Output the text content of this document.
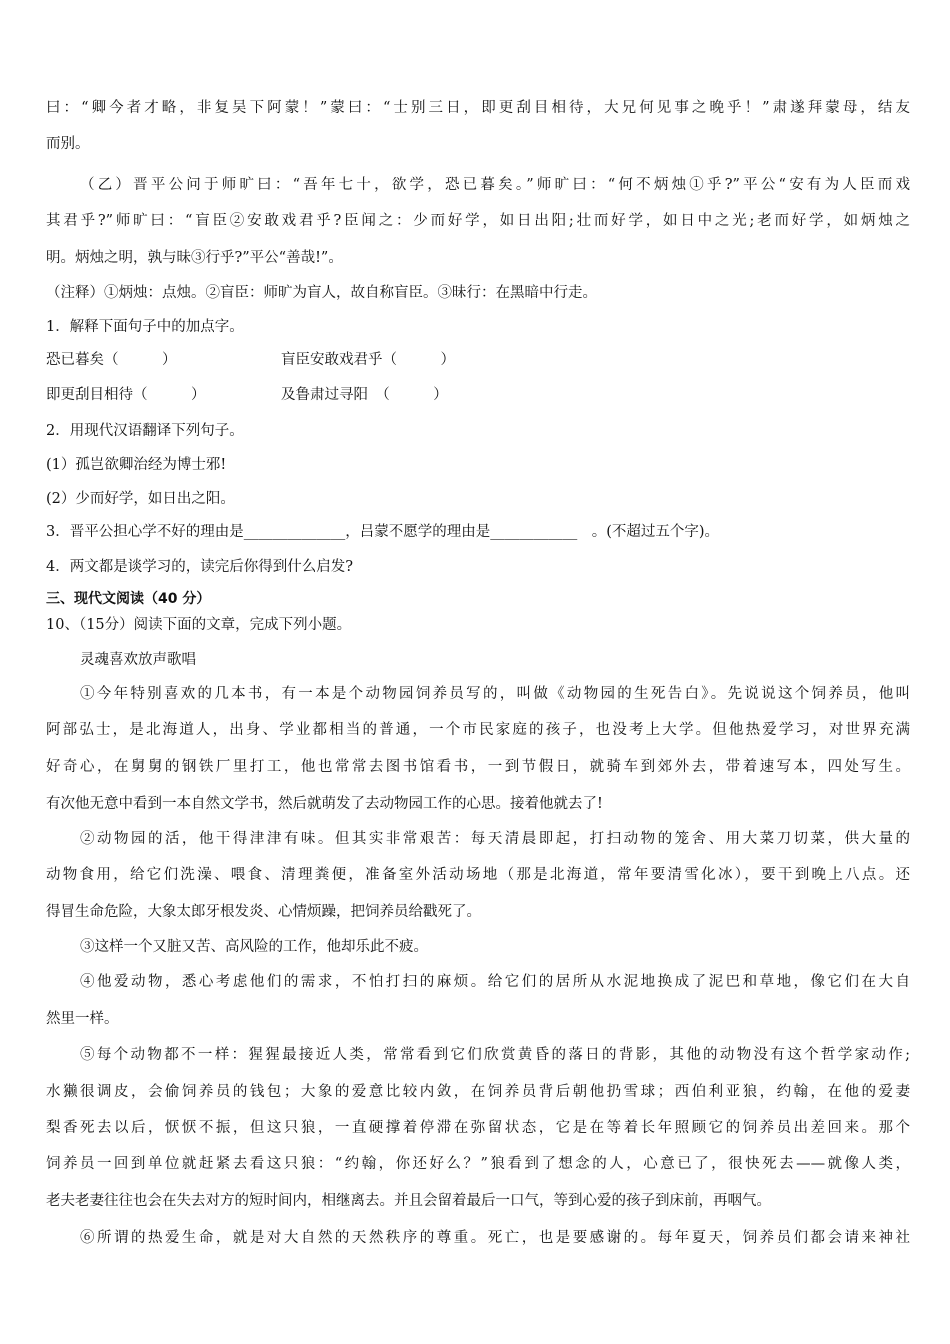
曰：“卿今者才略，非复吴下阿蒙！”蒙曰：“士别三日，即更刮目相待，大兄何见事之晚乎！”肃遂拜蒙母，结友
而别。
（乙）晋平公问于师旷曰：“吾年七十，欲学，恐已暮矣。”师旷曰：“何不炳烛①乎?”平公“安有为人臣而戏
其君乎?”师旷曰：“盲臣②安敢戏君乎?臣闻之：少而好学，如日出阳;壮而好学，如日中之光;老而好学，如炳烛之
明。炳烛之明，孰与昧③行乎?”平公“善哉!”。
（注释）①炳烛：点烛。②盲臣：师旷为盲人，故自称盲臣。③昧行：在黑暗中行走。
1．解释下面句子中的加点字。
恐已暮矣（　　　）	盲臣安敢戏君乎（　　　）
即更刮目相待（　　　）	及鲁肃过寻阳　（　　　）
2．用现代汉语翻译下列句子。
(1）孤岂欲卿治经为博士邪!
(2）少而好学，如日出之阳。
3．晋平公担心学不好的理由是______________，吕蒙不愿学的理由是____________　。(不超过五个字)。
4．两文都是谈学习的，读完后你得到什么启发?
三、现代文阅读（40 分）
10、（15分）阅读下面的文章，完成下列小题。
灵魂喜欢放声歌唱
①今年特别喜欢的几本书，有一本是个动物园饲养员写的，叫做《动物园的生死告白》。先说说这个饲养员，他叫
阿部弘士，是北海道人，出身、学业都相当的普通，一个市民家庭的孩子，也没考上大学。但他热爱学习，对世界充满
好奇心，在舅舅的钢铁厂里打工，他也常常去图书馆看书，一到节假日，就骑车到郊外去，带着速写本，四处写生。
有次他无意中看到一本自然文学书，然后就萌发了去动物园工作的心思。接着他就去了!
②动物园的活，他干得津津有味。但其实非常艰苦：每天清晨即起，打扫动物的笼舍、用大菜刀切菜，供大量的
动物食用，给它们洗澡、喂食、清理粪便，准备室外活动场地（那是北海道，常年要清雪化冰），要干到晚上八点。还
得冒生命危险，大象太郎牙根发炎、心情烦躁，把饲养员给戳死了。
③这样一个又脏又苦、高风险的工作，他却乐此不疲。
④他爱动物，悉心考虑他们的需求，不怕打扫的麻烦。给它们的居所从水泥地换成了泥巴和草地，像它们在大自
然里一样。
⑤每个动物都不一样：猩猩最接近人类，常常看到它们欣赏黄昏的落日的背影，其他的动物没有这个哲学家动作;
水獭很调皮，会偷饲养员的钱包；大象的爱意比较内敛，在饲养员背后朝他扔雪球；西伯利亚狼，约翰，在他的爱妻
梨香死去以后，恹恹不振，但这只狼，一直硬撑着停滞在弥留状态，它是在等着长年照顾它的饲养员出差回来。那个
饲养员一回到单位就赶紧去看这只狼：“约翰，你还好么？”狼看到了想念的人，心意已了，很快死去——就像人类，
老夫老妻往往也会在失去对方的短时间内，相继离去。并且会留着最后一口气，等到心爱的孩子到床前，再咽气。
⑥所谓的热爱生命，就是对大自然的天然秩序的尊重。死亡，也是要感谢的。每年夏天，饲养员们都会请来神社
